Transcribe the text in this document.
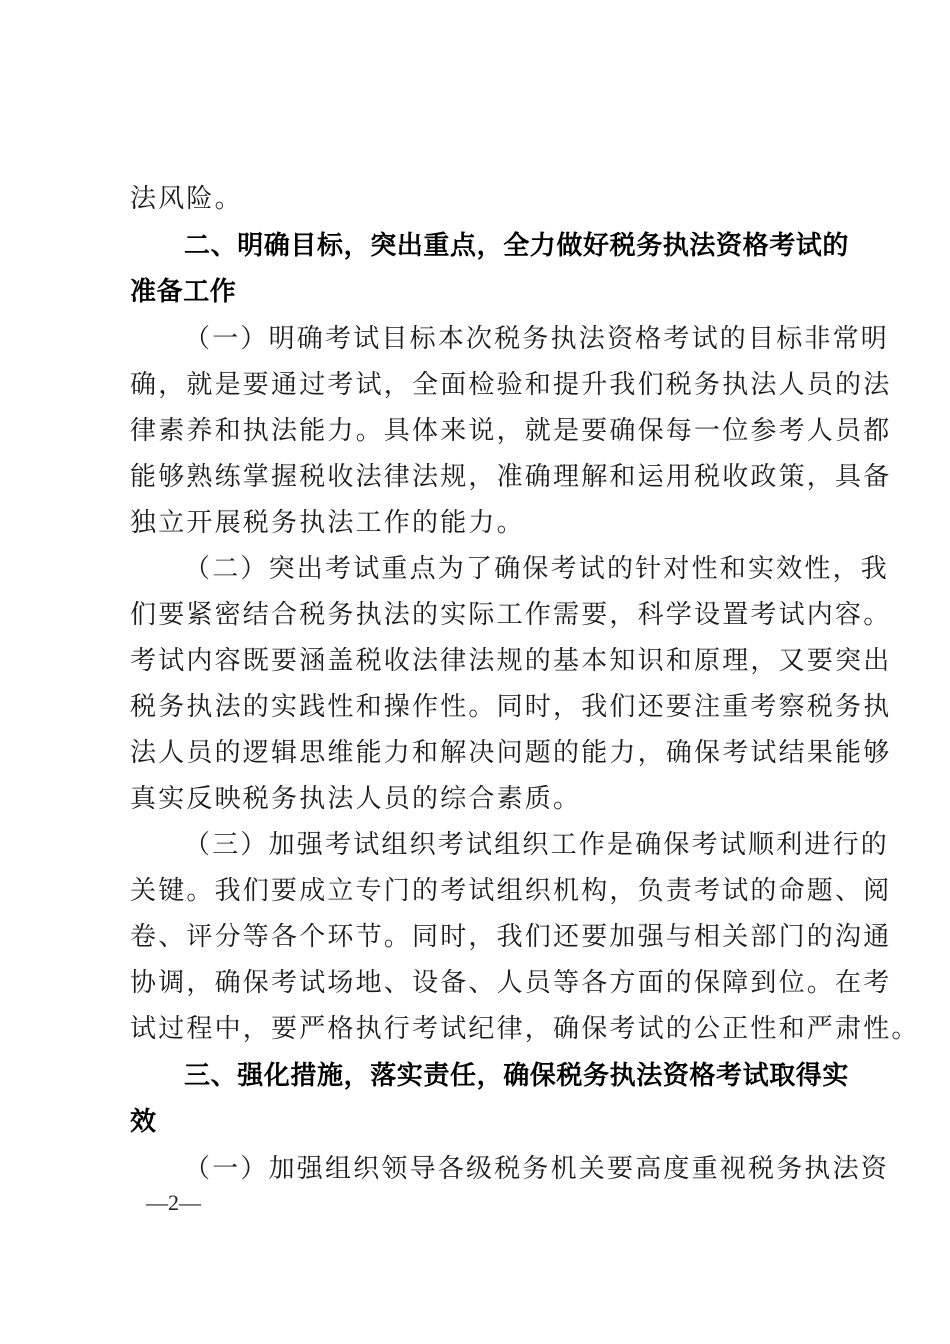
法风险。
二、明确目标，突出重点，全力做好税务执法资格考试的
准备工作
（一）明确考试目标本次税务执法资格考试的目标非常明
确，就是要通过考试，全面检验和提升我们税务执法人员的法
律素养和执法能力。具体来说，就是要确保每一位参考人员都
能够熟练掌握税收法律法规，准确理解和运用税收政策，具备
独立开展税务执法工作的能力。
（二）突出考试重点为了确保考试的针对性和实效性，我
们要紧密结合税务执法的实际工作需要，科学设置考试内容。
考试内容既要涵盖税收法律法规的基本知识和原理，又要突出
税务执法的实践性和操作性。同时，我们还要注重考察税务执
法人员的逻辑思维能力和解决问题的能力，确保考试结果能够
真实反映税务执法人员的综合素质。
（三）加强考试组织考试组织工作是确保考试顺利进行的
关键。我们要成立专门的考试组织机构，负责考试的命题、阅
卷、评分等各个环节。同时，我们还要加强与相关部门的沟通
协调，确保考试场地、设备、人员等各方面的保障到位。在考
试过程中，要严格执行考试纪律，确保考试的公正性和严肃性。
三、强化措施，落实责任，确保税务执法资格考试取得实
效
（一）加强组织领导各级税务机关要高度重视税务执法资
—2—
